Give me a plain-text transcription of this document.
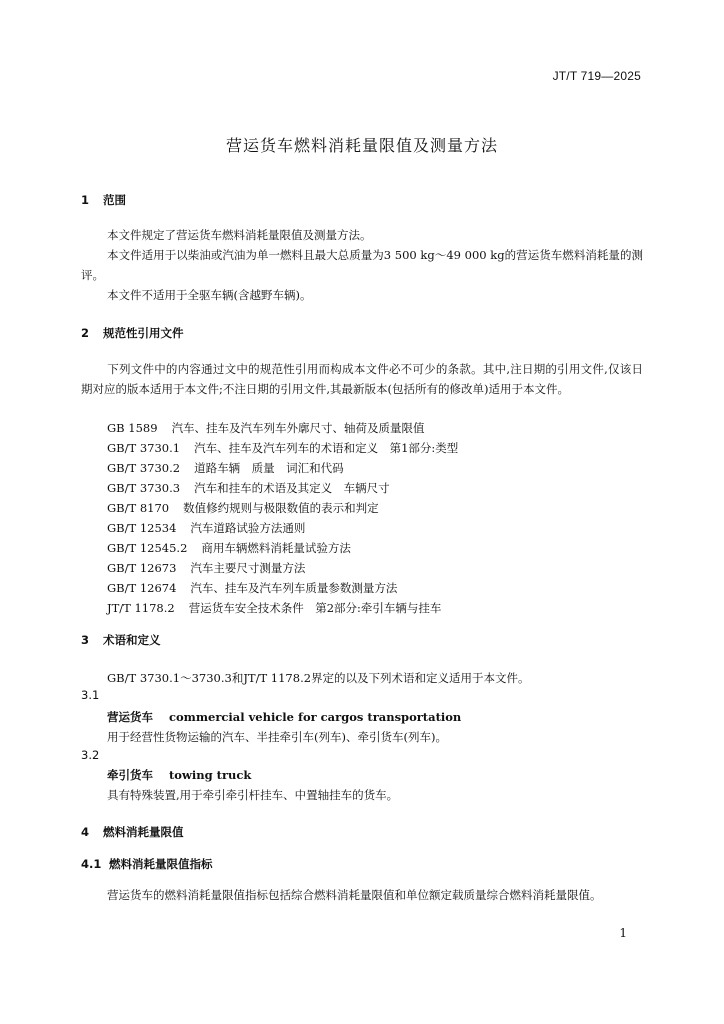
JT/T 719—2025
营运货车燃料消耗量限值及测量方法
1 范围
本文件规定了营运货车燃料消耗量限值及测量方法。
本文件适用于以柴油或汽油为单一燃料且最大总质量为3 500 kg～49 000 kg的营运货车燃料消耗量的测评。
本文件不适用于全驱车辆(含越野车辆)。
2 规范性引用文件
下列文件中的内容通过文中的规范性引用而构成本文件必不可少的条款。其中,注日期的引用文件,仅该日期对应的版本适用于本文件;不注日期的引用文件,其最新版本(包括所有的修改单)适用于本文件。
GB 1589 汽车、挂车及汽车列车外廓尺寸、轴荷及质量限值
GB/T 3730.1 汽车、挂车及汽车列车的术语和定义　第1部分:类型
GB/T 3730.2 道路车辆　质量　词汇和代码
GB/T 3730.3 汽车和挂车的术语及其定义　车辆尺寸
GB/T 8170 数值修约规则与极限数值的表示和判定
GB/T 12534 汽车道路试验方法通则
GB/T 12545.2 商用车辆燃料消耗量试验方法
GB/T 12673 汽车主要尺寸测量方法
GB/T 12674 汽车、挂车及汽车列车质量参数测量方法
JT/T 1178.2 营运货车安全技术条件　第2部分:牵引车辆与挂车
3 术语和定义
GB/T 3730.1～3730.3和JT/T 1178.2界定的以及下列术语和定义适用于本文件。
3.1
营运货车 commercial vehicle for cargos transportation
用于经营性货物运输的汽车、半挂牵引车(列车)、牵引货车(列车)。
3.2
牵引货车 towing truck
具有特殊装置,用于牵引牵引杆挂车、中置轴挂车的货车。
4 燃料消耗量限值
4.1 燃料消耗量限值指标
营运货车的燃料消耗量限值指标包括综合燃料消耗量限值和单位额定载质量综合燃料消耗量限值。
1
